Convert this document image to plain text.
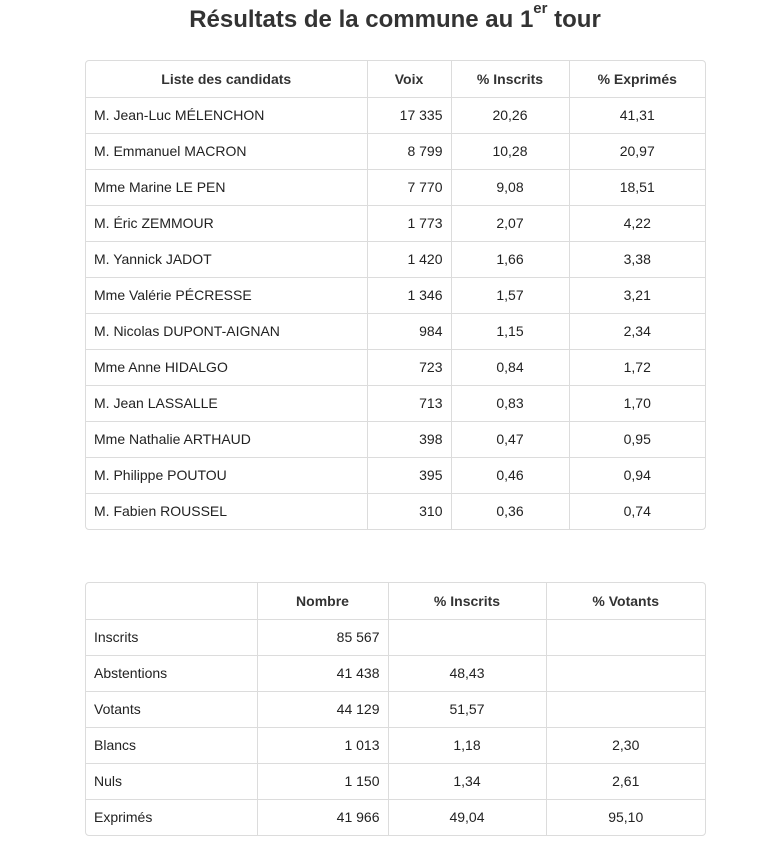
Résultats de la commune au 1er tour
Liste des candidats	Voix	% Inscrits	% Exprimés
M. Jean-Luc MÉLENCHON	17 335	20,26	41,31
M. Emmanuel MACRON	8 799	10,28	20,97
Mme Marine LE PEN	7 770	9,08	18,51
M. Éric ZEMMOUR	1 773	2,07	4,22
M. Yannick JADOT	1 420	1,66	3,38
Mme Valérie PÉCRESSE	1 346	1,57	3,21
M. Nicolas DUPONT-AIGNAN	984	1,15	2,34
Mme Anne HIDALGO	723	0,84	1,72
M. Jean LASSALLE	713	0,83	1,70
Mme Nathalie ARTHAUD	398	0,47	0,95
M. Philippe POUTOU	395	0,46	0,94
M. Fabien ROUSSEL	310	0,36	0,74
	Nombre	% Inscrits	% Votants
Inscrits	85 567		
Abstentions	41 438	48,43	
Votants	44 129	51,57	
Blancs	1 013	1,18	2,30
Nuls	1 150	1,34	2,61
Exprimés	41 966	49,04	95,10
